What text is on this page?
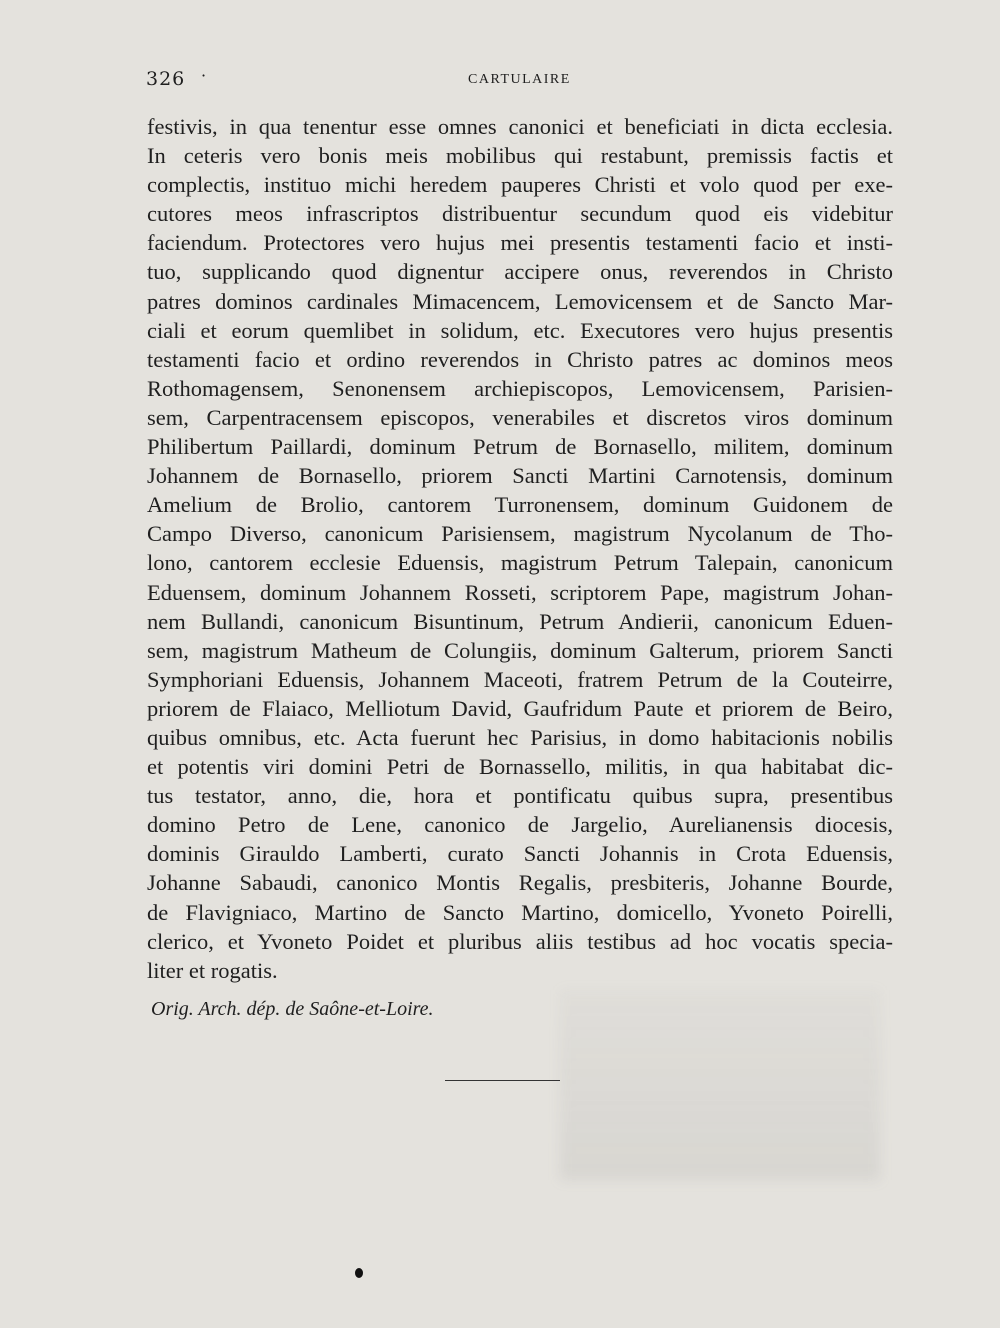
326 ·	CARTULAIRE
festivis, in qua tenentur esse omnes canonici et beneficiati in dicta ecclesia.
In ceteris vero bonis meis mobilibus qui restabunt, premissis factis et
complectis, instituo michi heredem pauperes Christi et volo quod per exe-
cutores meos infrascriptos distribuentur secundum quod eis videbitur
faciendum. Protectores vero hujus mei presentis testamenti facio et insti-
tuo, supplicando quod dignentur accipere onus, reverendos in Christo
patres dominos cardinales Mimacencem, Lemovicensem et de Sancto Mar-
ciali et eorum quemlibet in solidum, etc. Executores vero hujus presentis
testamenti facio et ordino reverendos in Christo patres ac dominos meos
Rothomagensem, Senonensem archiepiscopos, Lemovicensem, Parisien-
sem, Carpentracensem episcopos, venerabiles et discretos viros dominum
Philibertum Paillardi, dominum Petrum de Bornasello, militem, dominum
Johannem de Bornasello, priorem Sancti Martini Carnotensis, dominum
Amelium de Brolio, cantorem Turronensem, dominum Guidonem de
Campo Diverso, canonicum Parisiensem, magistrum Nycolanum de Tho-
lono, cantorem ecclesie Eduensis, magistrum Petrum Talepain, canonicum
Eduensem, dominum Johannem Rosseti, scriptorem Pape, magistrum Johan-
nem Bullandi, canonicum Bisuntinum, Petrum Andierii, canonicum Eduen-
sem, magistrum Matheum de Colungiis, dominum Galterum, priorem Sancti
Symphoriani Eduensis, Johannem Maceoti, fratrem Petrum de la Couteirre,
priorem de Flaiaco, Melliotum David, Gaufridum Paute et priorem de Beiro,
quibus omnibus, etc. Acta fuerunt hec Parisius, in domo habitacionis nobilis
et potentis viri domini Petri de Bornassello, militis, in qua habitabat dic-
tus testator, anno, die, hora et pontificatu quibus supra, presentibus
domino Petro de Lene, canonico de Jargelio, Aurelianensis diocesis,
dominis Girauldo Lamberti, curato Sancti Johannis in Crota Eduensis,
Johanne Sabaudi, canonico Montis Regalis, presbiteris, Johanne Bourde,
de Flavigniaco, Martino de Sancto Martino, domicello, Yvoneto Poirelli,
clerico, et Yvoneto Poidet et pluribus aliis testibus ad hoc vocatis specia-
liter et rogatis.
Orig. Arch. dép. de Saône-et-Loire.
